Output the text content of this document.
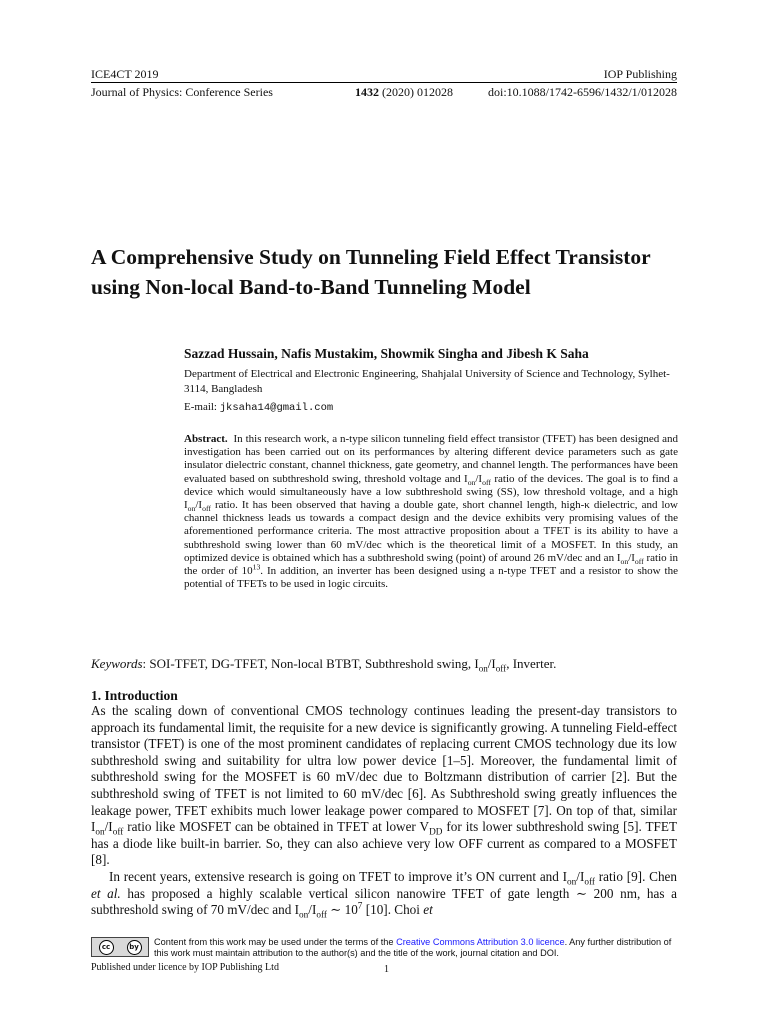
ICE4CT 2019	IOP Publishing
Journal of Physics: Conference Series	1432 (2020) 012028	doi:10.1088/1742-6596/1432/1/012028
A Comprehensive Study on Tunneling Field Effect Transistor using Non-local Band-to-Band Tunneling Model
Sazzad Hussain, Nafis Mustakim, Showmik Singha and Jibesh K Saha
Department of Electrical and Electronic Engineering, Shahjalal University of Science and Technology, Sylhet-3114, Bangladesh
E-mail: jksaha14@gmail.com
Abstract. In this research work, a n-type silicon tunneling field effect transistor (TFET) has been designed and investigation has been carried out on its performances by altering different device parameters such as gate insulator dielectric constant, channel thickness, gate geometry, and channel length. The performances have been evaluated based on subthreshold swing, threshold voltage and $I_{on}/I_{off}$ ratio of the devices. The goal is to find a device which would simultaneously have a low subthreshold swing (SS), low threshold voltage, and a high $I_{on}/I_{off}$ ratio. It has been observed that having a double gate, short channel length, high-κ dielectric, and low channel thickness leads us towards a compact design and the device exhibits very promising values of the aforementioned performance criteria. The most attractive proposition about a TFET is its ability to have a subthreshold swing lower than 60 mV/dec which is the theoretical limit of a MOSFET. In this study, an optimized device is obtained which has a subthreshold swing (point) of around 26 mV/dec and an $I_{on}/I_{off}$ ratio in the order of $10^{13}$. In addition, an inverter has been designed using a n-type TFET and a resistor to show the potential of TFETs to be used in logic circuits.
Keywords: SOI-TFET, DG-TFET, Non-local BTBT, Subthreshold swing, $I_{on}/I_{off}$, Inverter.
1. Introduction

As the scaling down of conventional CMOS technology continues leading the present-day transistors to approach its fundamental limit, the requisite for a new device is significantly growing. A tunneling Field-effect transistor (TFET) is one of the most prominent candidates of replacing current CMOS technology due its low subthreshold swing and suitability for ultra low power device [1–5]. Moreover, the fundamental limit of subthreshold swing for the MOSFET is 60 mV/dec due to Boltzmann distribution of carrier [2]. But the subthreshold swing of TFET is not limited to 60 mV/dec [6]. As Subthreshold swing greatly influences the leakage power, TFET exhibits much lower leakage power compared to MOSFET [7]. On top of that, similar $I_{on}/I_{off}$ ratio like MOSFET can be obtained in TFET at lower $V_{DD}$ for its lower subthreshold swing [5]. TFET has a diode like built-in barrier. So, they can also achieve very low OFF current as compared to a MOSFET [8].

In recent years, extensive research is going on TFET to improve it’s ON current and $I_{on}/I_{off}$ ratio [9]. Chen et al. has proposed a highly scalable vertical silicon nanowire TFET of gate length ∼ 200 nm, has a subthreshold swing of 70 mV/dec and $I_{on}/I_{off}$ ∼ $10^7$ [10]. Choi et

cc	by Content from this work may be used under the terms of the Creative Commons Attribution 3.0 licence. Any further distribution of this work must maintain attribution to the author(s) and the title of the work, journal citation and DOI.
Published under licence by IOP Publishing Ltd	1
